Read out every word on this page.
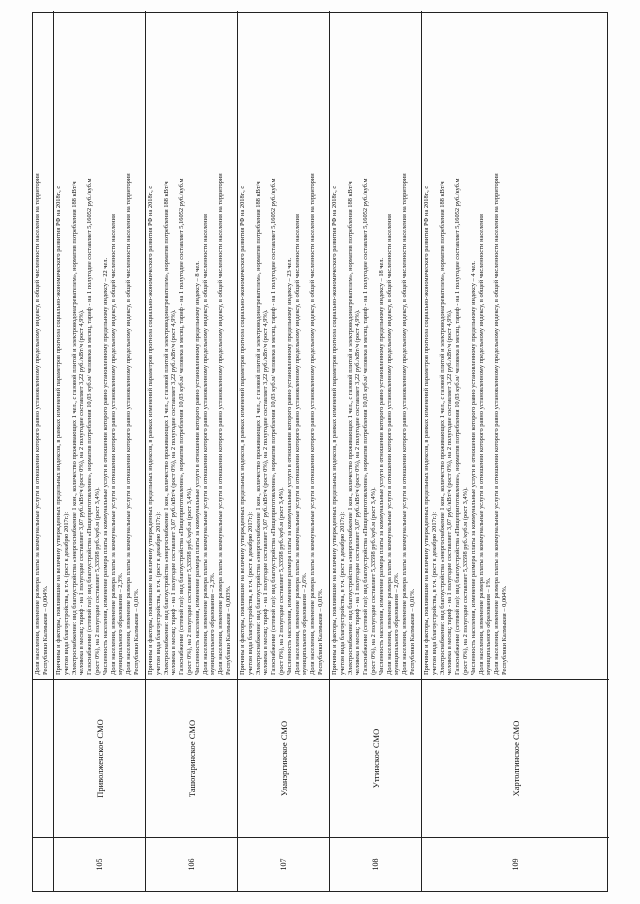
Доля населения, изменение размера платы за коммунальные услуги в отношении которого равно установленному предельному индексу, в общей численности населения на территории Республики Калмыкия – 0,004%.

105
Приволженское СМО

Причины и факторы, повлиявшие на величину утвержденных предельных индексов, в рамках изменений параметров прогноза социально-экономического развития РФ на 2018г., с учетом вида благоустройства, в т.ч. (рост к декабрю 2017г.): Электроснабжение: вид благоустройства «энергоснабжение 1 кон., количество проживающих 1 чел., с газовой плитой и электроводонагревателем», норматив потребления 188 кВт/ч человека в месяц; тариф - на 1 полугодие составляет 3,07 руб./кВт/ч (рост 0%), на 2 полугодие составляет 3,22 руб./кВт/ч (рост 4,9%). Газоснабжение (сетевой газ): вид благоустройства «Пищеприготовление», норматив потребления 10,03 куб.м/ человека в месяц, тариф - на 1 полугодие составляет 5,16052 руб./куб.м (рост 0%), на 2 полугодие составляет 5,33598 руб./куб.м (рост 3,4%). Численность населения, изменение размера платы за коммунальные услуги в отношении которого равно установленному предельному индексу – 22 чел. Доля населения, изменение размера платы за коммунальные услуги в отношении которого равно установленному предельному индексу, в общей численности населения муниципального образования – 2,3%. Доля населения, изменение размера платы за коммунальные услуги в отношении которого равно установленному предельному индексу, в общей численности населения на территории Республики Калмыкия – 0,01%.

106
Ташогаринское СМО

Причины и факторы, повлиявшие на величину утвержденных предельных индексов, в рамках изменений параметров прогноза социально-экономического развития РФ на 2018г., с учетом вида благоустройства, в т.ч. (рост к декабрю 2017г.): Электроснабжение: вид благоустройства «энергоснабжение 1 кон., количество проживающих 1 чел., с газовой плитой и электроводонагревателем», норматив потребления 188 кВт/ч человека в месяц; тариф - на 1 полугодие составляет 3,07 руб./кВт/ч (рост 0%), на 2 полугодие составляет 3,22 руб./кВт/ч (рост 4,9%). Газоснабжение (сетевой газ): вид благоустройства «Пищеприготовление», норматив потребления 10,03 куб.м/ человека в месяц, тариф - на 1 полугодие составляет 5,16052 руб./куб.м (рост 0%), на 2 полугодие составляет 5,33598 руб./куб.м (рост 3,4%). Численность населения, изменение размера платы за коммунальные услуги в отношении которого равно установленному предельному индексу – 8 чел. Доля населения, изменение размера платы за коммунальные услуги в отношении которого равно установленному предельному индексу, в общей численности населения муниципального образования – 2,3%. Доля населения, изменение размера платы за коммунальные услуги в отношении которого равно установленному предельному индексу, в общей численности населения на территории Республики Калмыкия – 0,003%.

107
Уланэргинское СМО

Причины и факторы, повлиявшие на величину утвержденных предельных индексов, в рамках изменений параметров прогноза социально-экономического развития РФ на 2018г., с учетом вида благоустройства, в т.ч. (рост к декабрю 2017г.): Электроснабжение: вид благоустройства «энергоснабжение 1 кон., количество проживающих 1 чел., с газовой плитой и электроводонагревателем», норматив потребления 188 кВт/ч человека в месяц; тариф - на 1 полугодие составляет 3,07 руб./кВт/ч (рост 0%), на 2 полугодие составляет 3,22 руб./кВт/ч (рост 4,9%). Газоснабжение (сетевой газ): вид благоустройства «Пищеприготовление», норматив потребления 10,03 куб.м/ человека в месяц, тариф - на 1 полугодие составляет 5,16052 руб./куб.м (рост 0%), на 2 полугодие составляет 5,33598 руб./куб.м (рост 3,4%). Численность населения, изменение размера платы за коммунальные услуги в отношении которого равно установленному предельному индексу – 23 чел. Доля населения, изменение размера платы за коммунальные услуги в отношении которого равно установленному предельному индексу, в общей численности населения муниципального образования – 2,6%. Доля населения, изменение размера платы за коммунальные услуги в отношении которого равно установленному предельному индексу, в общей численности населения на территории Республики Калмыкия – 0,01%.

108
Утгинское СМО

Причины и факторы, повлиявшие на величину утвержденных предельных индексов, в рамках изменений параметров прогноза социально-экономического развития РФ на 2018г., с учетом вида благоустройства, в т.ч. (рост к декабрю 2017г.): Электроснабжение: вид благоустройства «энергоснабжение 1 кон., количество проживающих 1 чел., с газовой плитой и электроводонагревателем», норматив потребления 188 кВт/ч человека в месяц; тариф - на 1 полугодие составляет 3,07 руб./кВт/ч (рост 0%), на 2 полугодие составляет 3,22 руб./кВт/ч (рост 4,9%). Газоснабжение (сетевой газ): вид благоустройства «Пищеприготовление», норматив потребления 10,03 куб.м/ человека в месяц, тариф - на 1 полугодие составляет 5,16052 руб./куб.м (рост 0%), на 2 полугодие составляет 5,33598 руб./куб.м (рост 3,4%). Численность населения, изменение размера платы за коммунальные услуги в отношении которого равно установленному предельному индексу – 18 чел. Доля населения, изменение размера платы за коммунальные услуги в отношении которого равно установленному предельному индексу, в общей численности населения муниципального образования – 2,6%. Доля населения, изменение размера платы за коммунальные услуги в отношении которого равно установленному предельному индексу, в общей численности населения на территории Республики Калмыкия – 0,01%.

109
Хартолгинское СМО

Причины и факторы, повлиявшие на величину утвержденных предельных индексов, в рамках изменений параметров прогноза социально-экономического развития РФ на 2018г., с учетом вида благоустройства, в т.ч. (рост к декабрю 2017г.): Электроснабжение: вид благоустройства «энергоснабжение 1 кон., количество проживающих 1 чел., с газовой плитой и электроводонагревателем», норматив потребления 188 кВт/ч человека в месяц; тариф - на 1 полугодие составляет 3,07 руб./кВт/ч (рост 0%), на 2 полугодие составляет 3,22 руб./кВт/ч (рост 4,9%). Газоснабжение (сетевой газ): вид благоустройства «Пищеприготовление», норматив потребления 10,03 куб.м/ человека в месяц, тариф - на 1 полугодие составляет 5,16052 руб./куб.м (рост 0%), на 2 полугодие составляет 5,33598 руб./куб.м (рост 3,4%). Численность населения, изменение размера платы за коммунальные услуги в отношении которого равно установленному предельному индексу – 4 чел. Доля населения, изменение размера платы за коммунальные услуги в отношении которого равно установленному предельному индексу, в общей численности населения муниципального образования – 1%. Доля населения, изменение размера платы за коммунальные услуги в отношении которого равно установленному предельному индексу, в общей численности населения на территории Республики Калмыкия – 0,004%.
